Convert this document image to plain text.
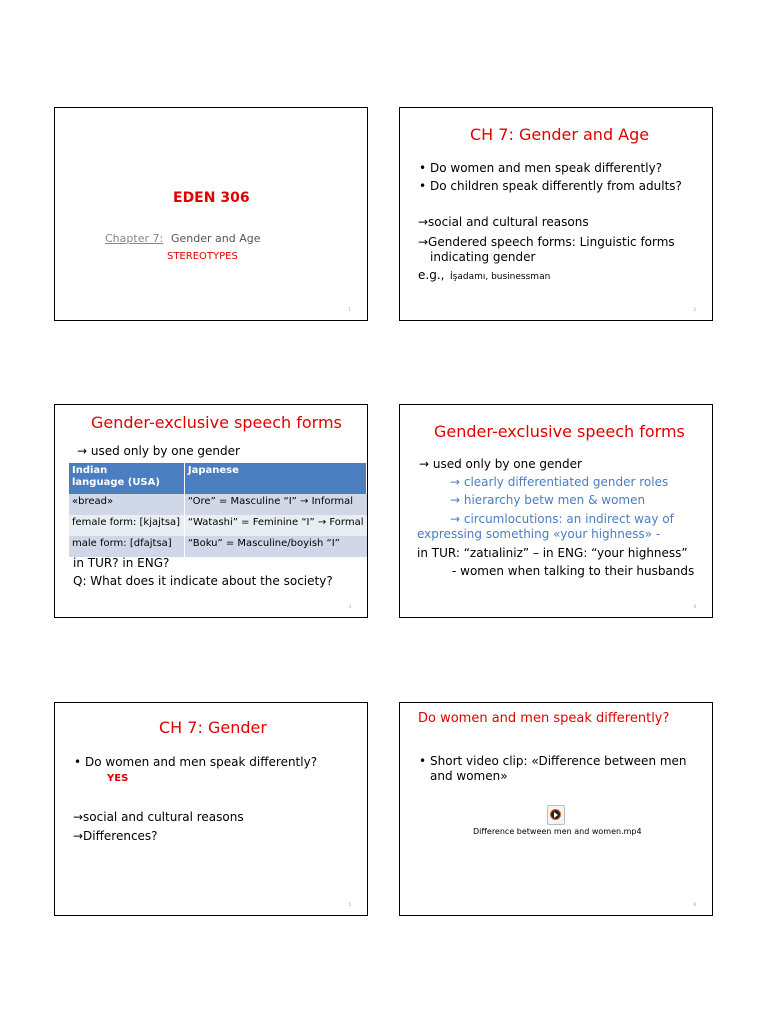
EDEN 306
Chapter 7: Gender and Age
STEREOTYPES
1
CH 7: Gender and Age
• Do women and men speak differently?
• Do children speak differently from adults?
→social and cultural reasons
→Gendered speech forms: Linguistic forms
indicating gender
e.g., İşadamı, businessman
2
Gender-exclusive speech forms
→ used only by one gender
Indian language (USA)	Japanese
«bread»	“Ore” = Masculine “I” → Informal
female form: [kjajtsa]	“Watashi” = Feminine “I” → Formal
male form: [dfajtsa]	“Boku” = Masculine/boyish “I”
in TUR? in ENG?
Q: What does it indicate about the society?
3
Gender-exclusive speech forms
→ used only by one gender
→ clearly differentiated gender roles
→ hierarchy betw men & women
→ circumlocutions: an indirect way of
expressing something «your highness» -
in TUR: “zatıaliniz” – in ENG: “your highness”
- women when talking to their husbands
4
CH 7: Gender
• Do women and men speak differently?
YES
→social and cultural reasons
→Differences?
5
Do women and men speak differently?
• Short video clip: «Difference between men
and women»
Difference between men and women.mp4
6
